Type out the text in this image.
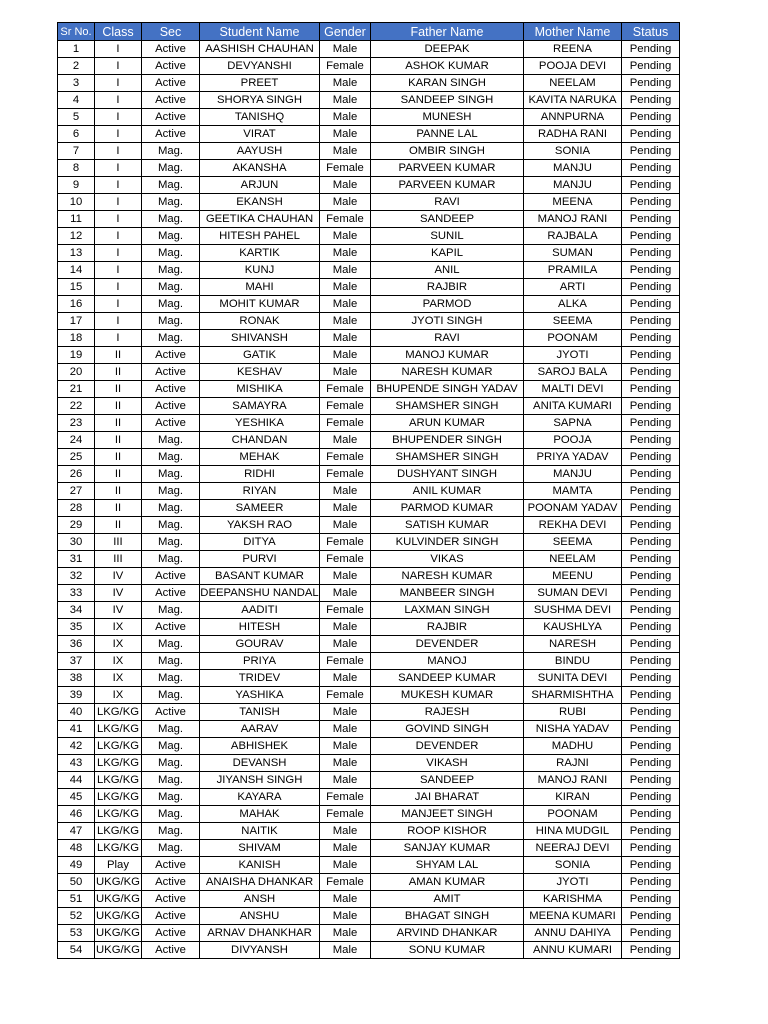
Sr No.	Class	Sec	Student Name	Gender	Father Name	Mother Name	Status
1	I	Active	AASHISH CHAUHAN	Male	DEEPAK	REENA	Pending
2	I	Active	DEVYANSHI	Female	ASHOK KUMAR	POOJA DEVI	Pending
3	I	Active	PREET	Male	KARAN SINGH	NEELAM	Pending
4	I	Active	SHORYA SINGH	Male	SANDEEP SINGH	KAVITA NARUKA	Pending
5	I	Active	TANISHQ	Male	MUNESH	ANNPURNA	Pending
6	I	Active	VIRAT	Male	PANNE LAL	RADHA RANI	Pending
7	I	Mag.	AAYUSH	Male	OMBIR SINGH	SONIA	Pending
8	I	Mag.	AKANSHA	Female	PARVEEN KUMAR	MANJU	Pending
9	I	Mag.	ARJUN	Male	PARVEEN KUMAR	MANJU	Pending
10	I	Mag.	EKANSH	Male	RAVI	MEENA	Pending
11	I	Mag.	GEETIKA CHAUHAN	Female	SANDEEP	MANOJ RANI	Pending
12	I	Mag.	HITESH PAHEL	Male	SUNIL	RAJBALA	Pending
13	I	Mag.	KARTIK	Male	KAPIL	SUMAN	Pending
14	I	Mag.	KUNJ	Male	ANIL	PRAMILA	Pending
15	I	Mag.	MAHI	Male	RAJBIR	ARTI	Pending
16	I	Mag.	MOHIT KUMAR	Male	PARMOD	ALKA	Pending
17	I	Mag.	RONAK	Male	JYOTI SINGH	SEEMA	Pending
18	I	Mag.	SHIVANSH	Male	RAVI	POONAM	Pending
19	II	Active	GATIK	Male	MANOJ KUMAR	JYOTI	Pending
20	II	Active	KESHAV	Male	NARESH KUMAR	SAROJ BALA	Pending
21	II	Active	MISHIKA	Female	BHUPENDE SINGH YADAV	MALTI DEVI	Pending
22	II	Active	SAMAYRA	Female	SHAMSHER SINGH	ANITA KUMARI	Pending
23	II	Active	YESHIKA	Female	ARUN KUMAR	SAPNA	Pending
24	II	Mag.	CHANDAN	Male	BHUPENDER SINGH	POOJA	Pending
25	II	Mag.	MEHAK	Female	SHAMSHER SINGH	PRIYA YADAV	Pending
26	II	Mag.	RIDHI	Female	DUSHYANT SINGH	MANJU	Pending
27	II	Mag.	RIYAN	Male	ANIL KUMAR	MAMTA	Pending
28	II	Mag.	SAMEER	Male	PARMOD KUMAR	POONAM YADAV	Pending
29	II	Mag.	YAKSH RAO	Male	SATISH KUMAR	REKHA DEVI	Pending
30	III	Mag.	DITYA	Female	KULVINDER SINGH	SEEMA	Pending
31	III	Mag.	PURVI	Female	VIKAS	NEELAM	Pending
32	IV	Active	BASANT KUMAR	Male	NARESH KUMAR	MEENU	Pending
33	IV	Active	DEEPANSHU NANDAL	Male	MANBEER SINGH	SUMAN DEVI	Pending
34	IV	Mag.	AADITI	Female	LAXMAN SINGH	SUSHMA DEVI	Pending
35	IX	Active	HITESH	Male	RAJBIR	KAUSHLYA	Pending
36	IX	Mag.	GOURAV	Male	DEVENDER	NARESH	Pending
37	IX	Mag.	PRIYA	Female	MANOJ	BINDU	Pending
38	IX	Mag.	TRIDEV	Male	SANDEEP KUMAR	SUNITA DEVI	Pending
39	IX	Mag.	YASHIKA	Female	MUKESH KUMAR	SHARMISHTHA	Pending
40	LKG/KG	Active	TANISH	Male	RAJESH	RUBI	Pending
41	LKG/KG	Mag.	AARAV	Male	GOVIND SINGH	NISHA YADAV	Pending
42	LKG/KG	Mag.	ABHISHEK	Male	DEVENDER	MADHU	Pending
43	LKG/KG	Mag.	DEVANSH	Male	VIKASH	RAJNI	Pending
44	LKG/KG	Mag.	JIYANSH SINGH	Male	SANDEEP	MANOJ RANI	Pending
45	LKG/KG	Mag.	KAYARA	Female	JAI BHARAT	KIRAN	Pending
46	LKG/KG	Mag.	MAHAK	Female	MANJEET SINGH	POONAM	Pending
47	LKG/KG	Mag.	NAITIK	Male	ROOP KISHOR	HINA MUDGIL	Pending
48	LKG/KG	Mag.	SHIVAM	Male	SANJAY KUMAR	NEERAJ DEVI	Pending
49	Play	Active	KANISH	Male	SHYAM LAL	SONIA	Pending
50	UKG/KG	Active	ANAISHA DHANKAR	Female	AMAN KUMAR	JYOTI	Pending
51	UKG/KG	Active	ANSH	Male	AMIT	KARISHMA	Pending
52	UKG/KG	Active	ANSHU	Male	BHAGAT SINGH	MEENA KUMARI	Pending
53	UKG/KG	Active	ARNAV DHANKHAR	Male	ARVIND DHANKAR	ANNU DAHIYA	Pending
54	UKG/KG	Active	DIVYANSH	Male	SONU KUMAR	ANNU KUMARI	Pending
